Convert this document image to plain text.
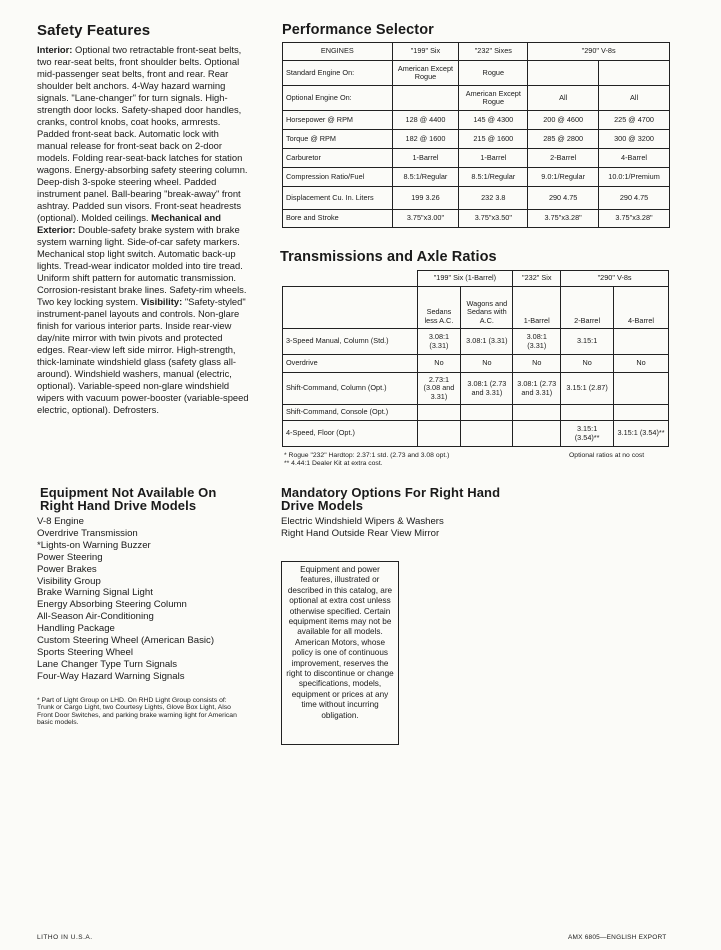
Safety Features
Interior: Optional two retractable front-seat belts, two rear-seat belts, front shoulder belts. Optional mid-passenger seat belts, front and rear. Rear shoulder belt anchors. 4-Way hazard warning signals. "Lane-changer" for turn signals. High-strength door locks. Safety-shaped door handles, cranks, control knobs, coat hooks, armrests. Padded front-seat back. Automatic lock with manual release for front-seat back on 2-door models. Folding rear-seat-back latches for station wagons. Energy-absorbing safety steering column. Deep-dish 3-spoke steering wheel. Padded instrument panel. Ball-bearing "break-away" front ashtray. Padded sun visors. Front-seat headrests (optional). Molded ceilings. Mechanical and Exterior: Double-safety brake system with brake system warning light. Side-of-car safety markers. Mechanical stop light switch. Automatic back-up lights. Tread-wear indicator molded into tire tread. Uniform shift pattern for automatic transmission. Corrosion-resistant brake lines. Safety-rim wheels. Two key locking system. Visibility: "Safety-styled" instrument-panel layouts and controls. Non-glare finish for various interior parts. Inside rear-view day/nite mirror with twin pivots and protected edges. Rear-view left side mirror. High-strength, thick-laminate windshield glass (safety glass all-around). Windshield washers, manual (electric, optional). Variable-speed non-glare windshield wipers with vacuum power-booster (variable-speed electric, optional). Defrosters.
Performance Selector
ENGINES	"199" Six	"232" Sixes	"290" V-8s	
Standard Engine On:	American Except Rogue	Rogue		
Optional Engine On:		American Except Rogue	All	All
Horsepower @ RPM	128 @ 4400	145 @ 4300	200 @ 4600	225 @ 4700
Torque @ RPM	182 @ 1600	215 @ 1600	285 @ 2800	300 @ 3200
Carburetor	1-Barrel	1-Barrel	2-Barrel	4-Barrel
Compression Ratio/Fuel	8.5:1/Regular	8.5:1/Regular	9.0:1/Regular	10.0:1/Premium
Displacement Cu. In. Liters	199 3.26	232 3.8	290 4.75	290 4.75
Bore and Stroke	3.75"x3.00"	3.75"x3.50"	3.75"x3.28"	3.75"x3.28"
Transmissions and Axle Ratios
	"199" Six (1-Barrel)		"232" Six	"290" V-8s	
	Sedans less A.C.	Wagons and Sedans with A.C.	1-Barrel	2-Barrel	4-Barrel
3-Speed Manual, Column (Std.)	3.08:1 (3.31)	3.08:1 (3.31)	3.08:1 (3.31)	3.15:1	
Overdrive	No	No	No	No	No
Shift-Command, Column (Opt.)	2.73:1 (3.08 and 3.31)	3.08:1 (2.73 and 3.31)	3.08:1 (2.73 and 3.31)	3.15:1 (2.87)	
Shift-Command, Console (Opt.)					
4-Speed, Floor (Opt.)				3.15:1 (3.54)**	3.15:1 (3.54)**
* Rogue "232" Hardtop: 2.37:1 std. (2.73 and 3.08 opt.)
** 4.44:1 Dealer Kit at extra cost.
Optional ratios at no cost
Equipment Not Available On Right Hand Drive Models
V-8 Engine
Overdrive Transmission
*Lights-on Warning Buzzer
Power Steering
Power Brakes
Visibility Group
Brake Warning Signal Light
Energy Absorbing Steering Column
All-Season Air-Conditioning
Handling Package
Custom Steering Wheel (American Basic)
Sports Steering Wheel
Lane Changer Type Turn Signals
Four-Way Hazard Warning Signals
* Part of Light Group on LHD. On RHD Light Group consists of: Trunk or Cargo Light, two Courtesy Lights, Glove Box Light, Also Front Door Switches, and parking brake warning light for American basic models.
Mandatory Options For Right Hand Drive Models
Electric Windshield Wipers & Washers
Right Hand Outside Rear View Mirror
Equipment and power features, illustrated or described in this catalog, are optional at extra cost unless otherwise specified. Certain equipment items may not be available for all models. American Motors, whose policy is one of continuous improvement, reserves the right to discontinue or change specifications, models, equipment or prices at any time without incurring obligation.
LITHO IN U.S.A.	AMX 6805—ENGLISH EXPORT
